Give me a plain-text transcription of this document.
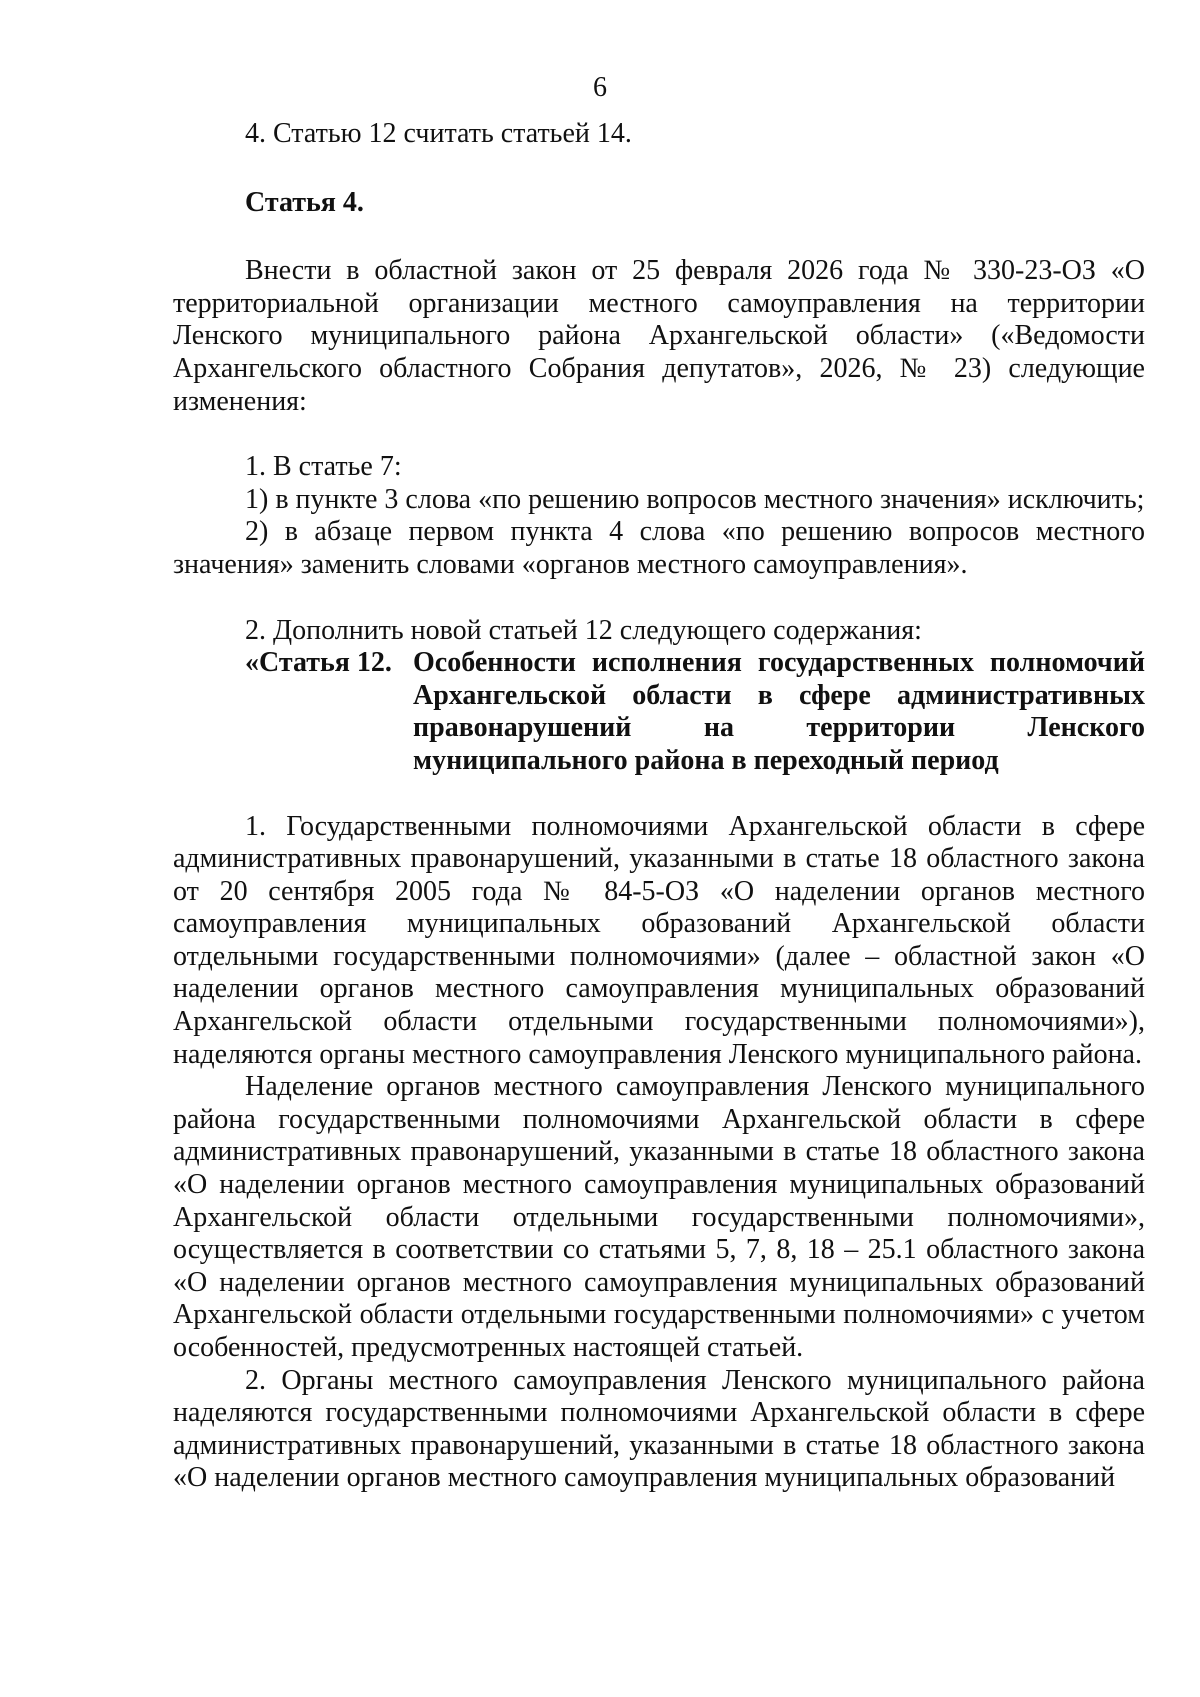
6

4. Статью 12 считать статьей 14.

Статья 4.

Внести в областной закон от 25 февраля 2026 года № 330-23-ОЗ «О территориальной организации местного самоуправления на территории Ленского муниципального района Архангельской области» («Ведомости Архангельского областного Собрания депутатов», 2026, № 23) следующие изменения:

1. В статье 7:

1) в пункте 3 слова «по решению вопросов местного значения» исключить;

2) в абзаце первом пункта 4 слова «по решению вопросов местного значения» заменить словами «органов местного самоуправления».

2. Дополнить новой статьей 12 следующего содержания:

«Статья 12. Особенности исполнения государственных полномочий Архангельской области в сфере административных правонарушений на территории Ленского муниципального района в переходный период

1. Государственными полномочиями Архангельской области в сфере административных правонарушений, указанными в статье 18 областного закона от 20 сентября 2005 года № 84-5-ОЗ «О наделении органов местного самоуправления муниципальных образований Архангельской области отдельными государственными полномочиями» (далее – областной закон «О наделении органов местного самоуправления муниципальных образований Архангельской области отдельными государственными полномочиями»), наделяются органы местного самоуправления Ленского муниципального района.

Наделение органов местного самоуправления Ленского муниципального района государственными полномочиями Архангельской области в сфере административных правонарушений, указанными в статье 18 областного закона «О наделении органов местного самоуправления муниципальных образований Архангельской области отдельными государственными полномочиями», осуществляется в соответствии со статьями 5, 7, 8, 18 – 25.1 областного закона «О наделении органов местного самоуправления муниципальных образований Архангельской области отдельными государственными полномочиями» с учетом особенностей, предусмотренных настоящей статьей.

2. Органы местного самоуправления Ленского муниципального района наделяются государственными полномочиями Архангельской области в сфере административных правонарушений, указанными в статье 18 областного закона «О наделении органов местного самоуправления муниципальных образований
